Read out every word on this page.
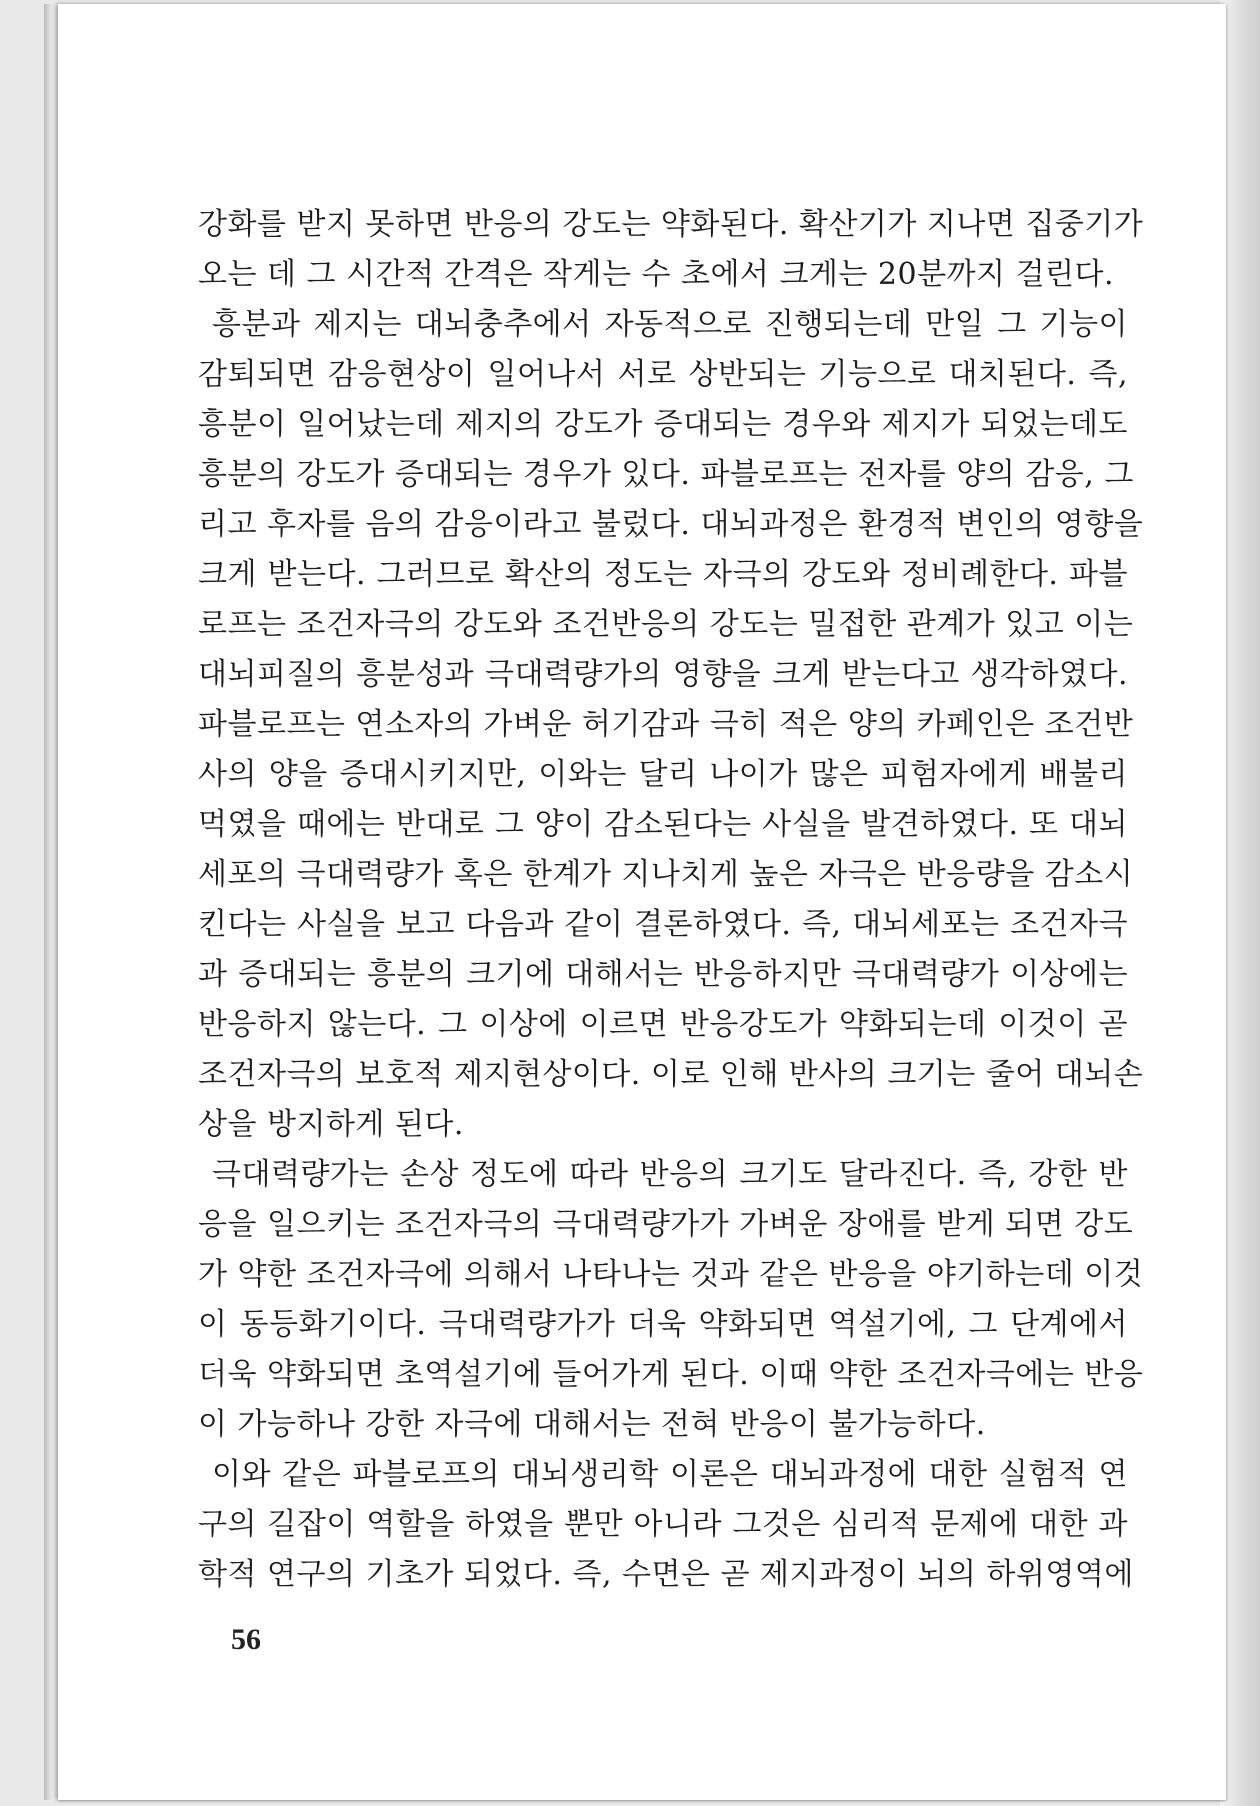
강화를 받지 못하면 반응의 강도는 약화된다. 확산기가 지나면 집중기가
오는 데 그 시간적 간격은 작게는 수 초에서 크게는 20분까지 걸린다.
흥분과 제지는 대뇌충추에서 자동적으로 진행되는데 만일 그 기능이
감퇴되면 감응현상이 일어나서 서로 상반되는 기능으로 대치된다. 즉,
흥분이 일어났는데 제지의 강도가 증대되는 경우와 제지가 되었는데도
흥분의 강도가 증대되는 경우가 있다. 파블로프는 전자를 양의 감응, 그
리고 후자를 음의 감응이라고 불렀다. 대뇌과정은 환경적 변인의 영향을
크게 받는다. 그러므로 확산의 정도는 자극의 강도와 정비례한다. 파블
로프는 조건자극의 강도와 조건반응의 강도는 밀접한 관계가 있고 이는
대뇌피질의 흥분성과 극대력량가의 영향을 크게 받는다고 생각하였다.
파블로프는 연소자의 가벼운 허기감과 극히 적은 양의 카페인은 조건반
사의 양을 증대시키지만, 이와는 달리 나이가 많은 피험자에게 배불리
먹였을 때에는 반대로 그 양이 감소된다는 사실을 발견하였다. 또 대뇌
세포의 극대력량가 혹은 한계가 지나치게 높은 자극은 반응량을 감소시
킨다는 사실을 보고 다음과 같이 결론하였다. 즉, 대뇌세포는 조건자극
과 증대되는 흥분의 크기에 대해서는 반응하지만 극대력량가 이상에는
반응하지 않는다. 그 이상에 이르면 반응강도가 약화되는데 이것이 곧
조건자극의 보호적 제지현상이다. 이로 인해 반사의 크기는 줄어 대뇌손
상을 방지하게 된다.
극대력량가는 손상 정도에 따라 반응의 크기도 달라진다. 즉, 강한 반
응을 일으키는 조건자극의 극대력량가가 가벼운 장애를 받게 되면 강도
가 약한 조건자극에 의해서 나타나는 것과 같은 반응을 야기하는데 이것
이 동등화기이다. 극대력량가가 더욱 약화되면 역설기에, 그 단계에서
더욱 약화되면 초역설기에 들어가게 된다. 이때 약한 조건자극에는 반응
이 가능하나 강한 자극에 대해서는 전혀 반응이 불가능하다.
이와 같은 파블로프의 대뇌생리학 이론은 대뇌과정에 대한 실험적 연
구의 길잡이 역할을 하였을 뿐만 아니라 그것은 심리적 문제에 대한 과
학적 연구의 기초가 되었다. 즉, 수면은 곧 제지과정이 뇌의 하위영역에
56
